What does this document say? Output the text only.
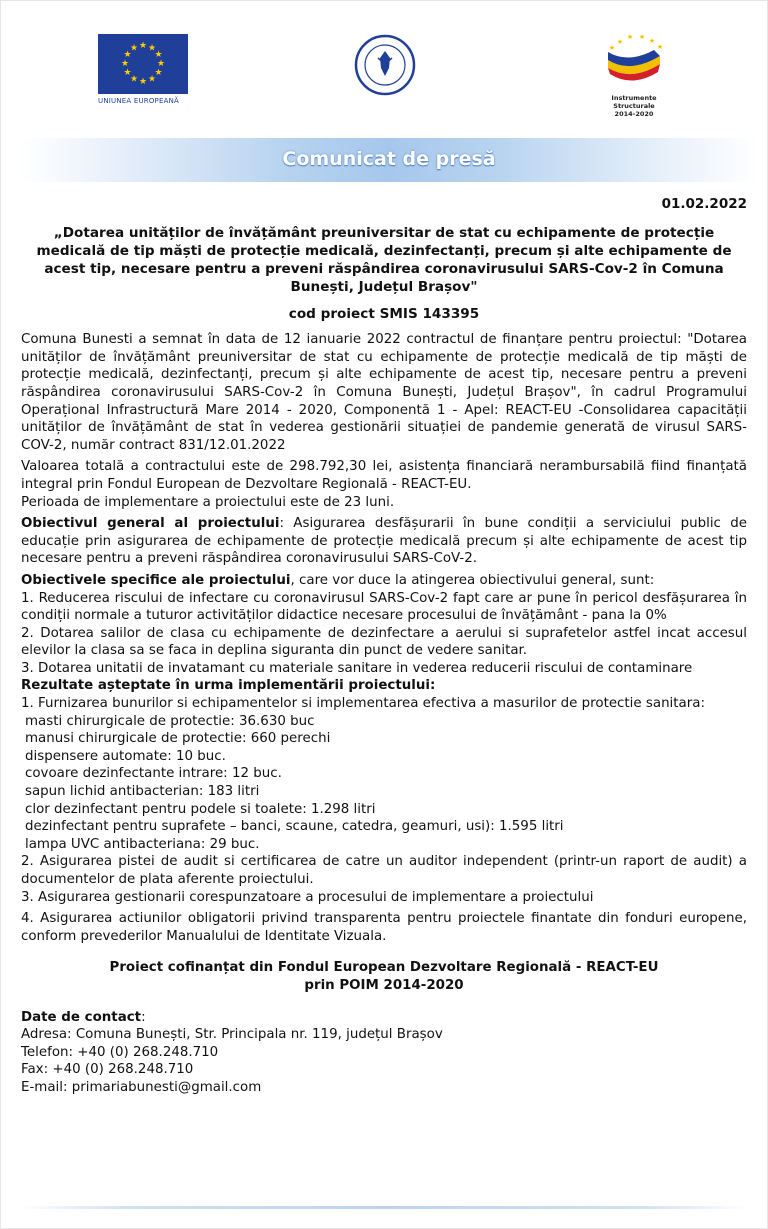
★ ★
★
★
★
★
★
★
★
★
★
★
UNIUNEA EUROPEANĂ
★
★ ★ ★
★	★
Instrumente Structurale
2014-2020
Comunicat de presă
01.02.2022
„Dotarea unităților de învățământ preuniversitar de stat cu echipamente de protecție medicală de tip măști de protecție medicală, dezinfectanți, precum și alte echipamente de acest tip, necesare pentru a preveni răspândirea coronavirusului SARS-Cov-2 în Comuna Bunești, Județul Brașov"
cod proiect SMIS 143395

Comuna Bunesti a semnat în data de 12 ianuarie 2022 contractul de finanțare pentru proiectul: "Dotarea unităților de învățământ preuniversitar de stat cu echipamente de protecție medicală de tip măști de protecție medicală, dezinfectanți, precum și alte echipamente de acest tip, necesare pentru a preveni răspândirea coronavirusului SARS-Cov-2 în Comuna Bunești, Județul Brașov", în cadrul Programului Operațional Infrastructură Mare 2014 - 2020, Componentă 1 - Apel: REACT-EU -Consolidarea capacității unităților de învățământ de stat în vederea gestionării situației de pandemie generată de virusul SARS-COV-2, număr contract 831/12.01.2022

Valoarea totală a contractului este de 298.792,30 lei, asistența financiară nerambursabilă fiind finanțată integral prin Fondul European de Dezvoltare Regională - REACT-EU.

Perioada de implementare a proiectului este de 23 luni.

Obiectivul general al proiectului: Asigurarea desfășurarii în bune condiții a serviciului public de educație prin asigurarea de echipamente de protecție medicală precum și alte echipamente de acest tip necesare pentru a preveni răspândirea coronavirusului SARS-CoV-2.

Obiectivele specifice ale proiectului, care vor duce la atingerea obiectivului general, sunt:

1. Reducerea riscului de infectare cu coronavirusul SARS-Cov-2 fapt care ar pune în pericol desfășurarea în condiții normale a tuturor activităților didactice necesare procesului de învățământ - pana la 0%

2. Dotarea salilor de clasa cu echipamente de dezinfectare a aerului si suprafetelor astfel incat accesul elevilor la clasa sa se faca in deplina siguranta din punct de vedere sanitar.

3. Dotarea unitatii de invatamant cu materiale sanitare in vederea reducerii riscului de contaminare

Rezultate așteptate în urma implementării proiectului:

1. Furnizarea bunurilor si echipamentelor si implementarea efectiva a masurilor de protectie sanitara:

masti chirurgicale de protectie: 36.630 buc
manusi chirurgicale de protectie: 660 perechi
dispensere automate: 10 buc.
covoare dezinfectante intrare: 12 buc.
sapun lichid antibacterian: 183 litri
clor dezinfectant pentru podele si toalete: 1.298 litri
dezinfectant pentru suprafete – banci, scaune, catedra, geamuri, usi): 1.595 litri
lampa UVC antibacteriana: 29 buc.

2. Asigurarea pistei de audit si certificarea de catre un auditor independent (printr-un raport de audit) a documentelor de plata aferente proiectului.

3. Asigurarea gestionarii corespunzatoare a procesului de implementare a proiectului

4. Asigurarea actiunilor obligatorii privind transparenta pentru proiectele finantate din fonduri europene, conform prevederilor Manualului de Identitate Vizuala.

Proiect cofinanțat din Fondul European Dezvoltare Regională - REACT-EU
prin POIM 2014-2020
Date de contact:
Adresa: Comuna Bunești, Str. Principala nr. 119, județul Brașov
Telefon: +40 (0) 268.248.710
Fax: +40 (0) 268.248.710
E-mail: primariabunesti@gmail.com
